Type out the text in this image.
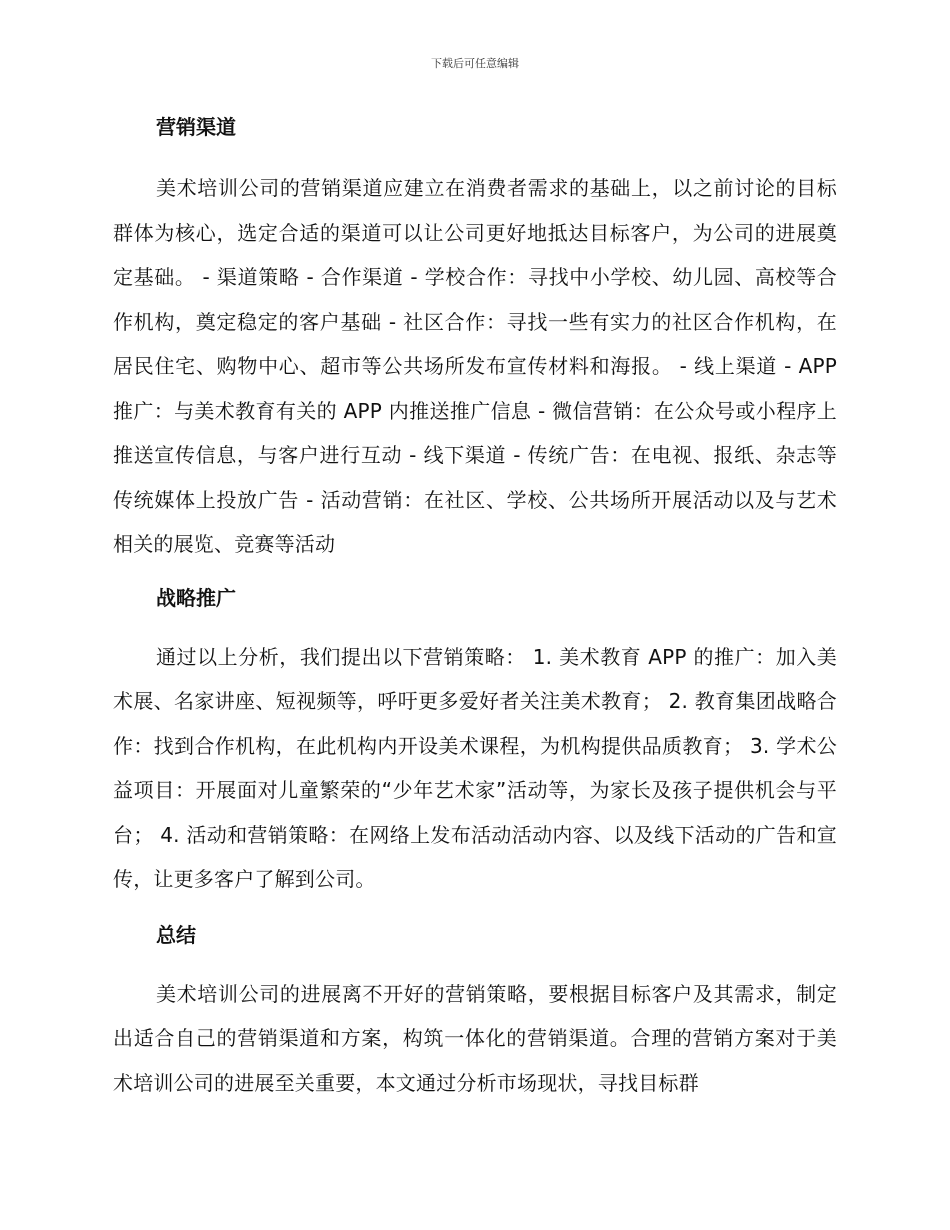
下载后可任意编辑
营销渠道

美术培训公司的营销渠道应建立在消费者需求的基础上，以之前讨论的目标群体为核心，选定合适的渠道可以让公司更好地抵达目标客户，为公司的进展奠定基础。 - 渠道策略 - 合作渠道 - 学校合作：寻找中小学校、幼儿园、高校等合作机构，奠定稳定的客户基础 - 社区合作：寻找一些有实力的社区合作机构，在居民住宅、购物中心、超市等公共场所发布宣传材料和海报。 - 线上渠道 - APP 推广：与美术教育有关的 APP 内推送推广信息 - 微信营销：在公众号或小程序上推送宣传信息，与客户进行互动 - 线下渠道 - 传统广告：在电视、报纸、杂志等传统媒体上投放广告 - 活动营销：在社区、学校、公共场所开展活动以及与艺术相关的展览、竞赛等活动

战略推广

通过以上分析，我们提出以下营销策略： 1. 美术教育 APP 的推广：加入美术展、名家讲座、短视频等，呼吁更多爱好者关注美术教育； 2. 教育集团战略合作：找到合作机构，在此机构内开设美术课程，为机构提供品质教育； 3. 学术公益项目：开展面对儿童繁荣的“少年艺术家”活动等，为家长及孩子提供机会与平台； 4. 活动和营销策略：在网络上发布活动活动内容、以及线下活动的广告和宣传，让更多客户了解到公司。

总结

美术培训公司的进展离不开好的营销策略，要根据目标客户及其需求，制定出适合自己的营销渠道和方案，构筑一体化的营销渠道。合理的营销方案对于美术培训公司的进展至关重要，本文通过分析市场现状，寻找目标群
